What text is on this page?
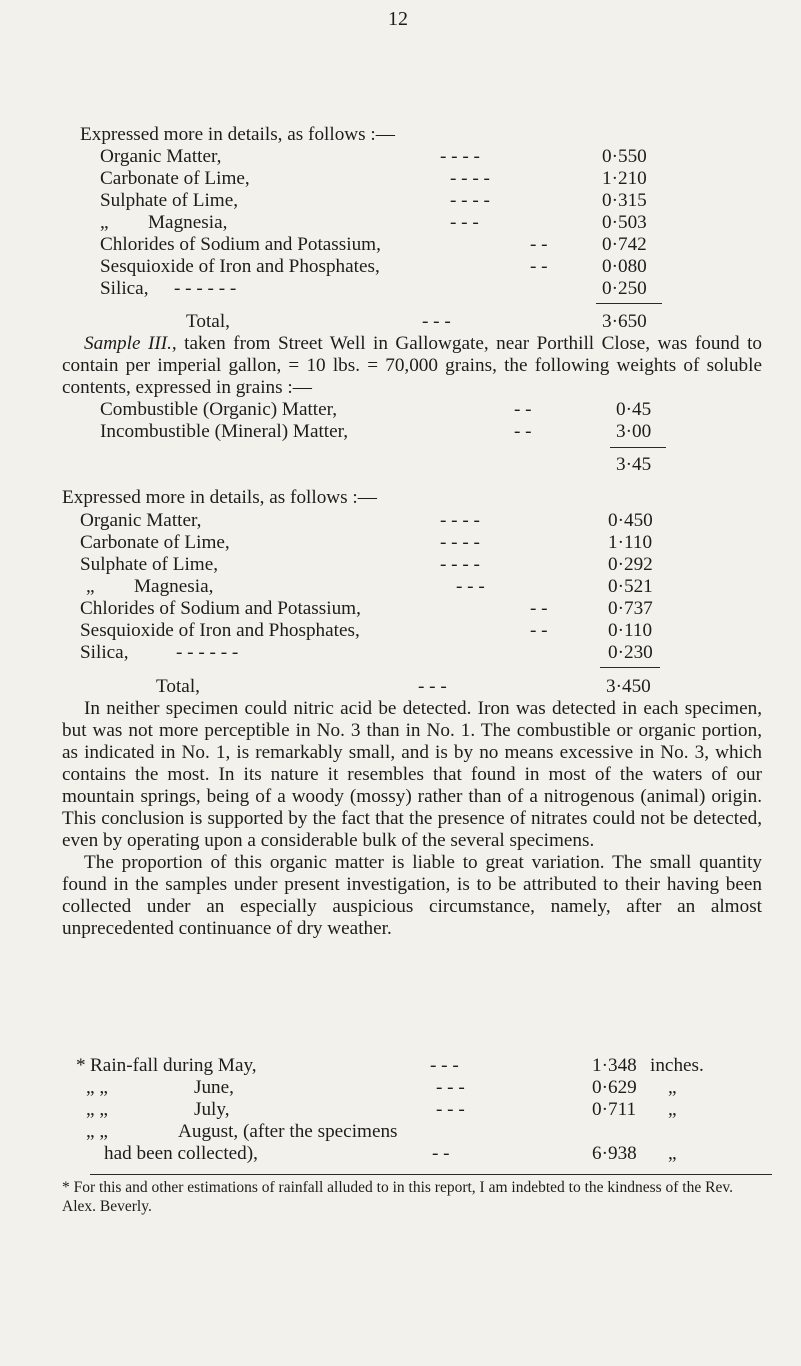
12
Expressed more in details, as follows :—
Organic Matter,	- - - -	0·550
Carbonate of Lime,	- - - -	1·210
Sulphate of Lime,	- - - -	0·315
„ Magnesia,	- - -	0·503
Chlorides of Sodium and Potassium,	- -	0·742
Sesquioxide of Iron and Phosphates,	- -	0·080
Silica, - - - - - -	0·250
Total,	- - -	3·650

Sample III., taken from Street Well in Gallowgate, near Porthill Close, was found to contain per imperial gallon, = 10 lbs. = 70,000 grains, the following weights of soluble contents, expressed in grains :—

Combustible (Organic) Matter,	- -	0·45
Incombustible (Mineral) Matter,	- -	3·00
3·45
Expressed more in details, as follows :—
Organic Matter,	- - - -	0·450
Carbonate of Lime,	- - - -	1·110
Sulphate of Lime,	- - - -	0·292
„ Magnesia,	- - -	0·521
Chlorides of Sodium and Potassium,	- -	0·737
Sesquioxide of Iron and Phosphates,	- -	0·110
Silica, - - - - - -	0·230
Total,	- - -	3·450

In neither specimen could nitric acid be detected. Iron was detected in each specimen, but was not more perceptible in No. 3 than in No. 1. The combustible or organic portion, as indicated in No. 1, is remarkably small, and is by no means excessive in No. 3, which contains the most. In its nature it resembles that found in most of the waters of our mountain springs, being of a woody (mossy) rather than of a nitrogenous (animal) origin. This conclusion is supported by the fact that the presence of nitrates could not be detected, even by operating upon a considerable bulk of the several specimens.

The proportion of this organic matter is liable to great variation. The small quantity found in the samples under present investigation, is to be attributed to their having been collected under an especially auspicious circumstance, namely, after an almost unprecedented continuance of dry weather.

* Rain-fall during May,	- - -	1·348 inches.
„ „	June,	- - -	0·629 „
„ „	July,	- - -	0·711 „
„ „	August, (after the specimens
had been collected),	- -	6·938 „
* For this and other estimations of rainfall alluded to in this report, I am indebted to the kindness of the Rev. Alex. Beverly.
